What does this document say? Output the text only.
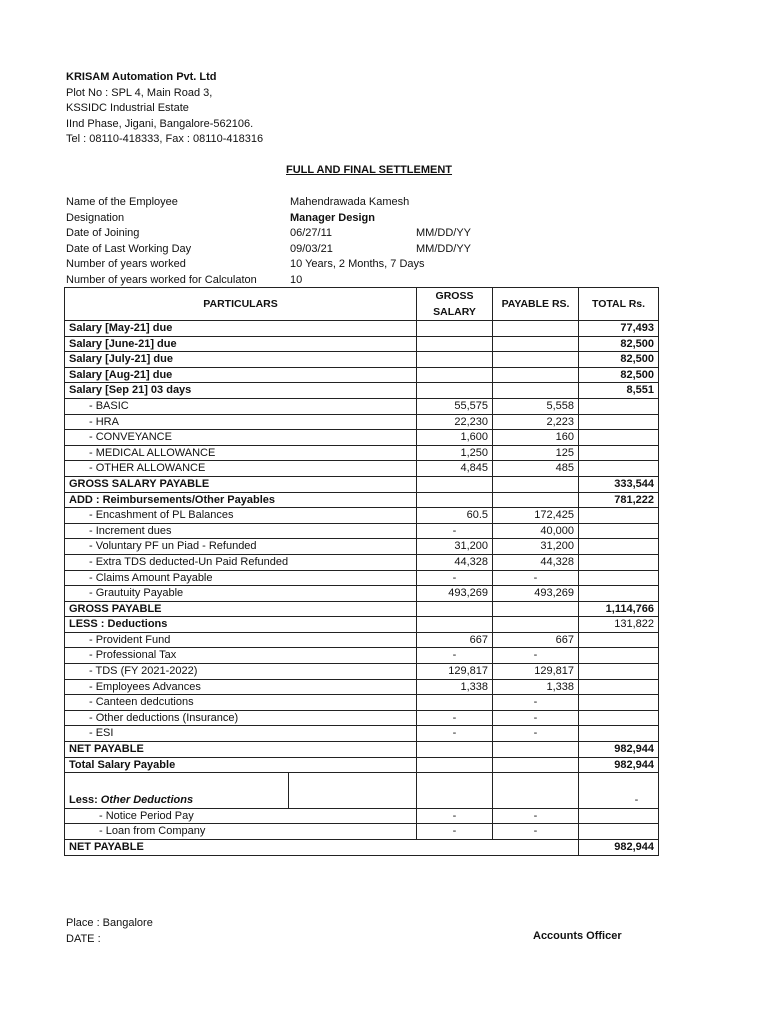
KRISAM Automation Pvt. Ltd
Plot No : SPL 4, Main Road 3,
KSSIDC Industrial Estate
IInd Phase, Jigani, Bangalore-562106.
Tel : 08110-418333, Fax : 08110-418316
FULL AND FINAL SETTLEMENT
Name of the Employee	Mahendrawada Kamesh
Designation	Manager Design
Date of Joining	06/27/11	MM/DD/YY
Date of Last Working Day	09/03/21	MM/DD/YY
Number of years worked	10 Years, 2 Months, 7 Days
Number of years worked for Calculaton	10
PARTICULARS		GROSS SALARY	PAYABLE RS.	TOTAL Rs.
Salary [May-21] due				77,493
Salary [June-21] due				82,500
Salary [July-21] due				82,500
Salary [Aug-21] due				82,500
Salary [Sep 21] 03 days				8,551
- BASIC		55,575	5,558	
- HRA		22,230	2,223	
- CONVEYANCE		1,600	160	
- MEDICAL ALLOWANCE		1,250	125	
- OTHER ALLOWANCE		4,845	485	
GROSS SALARY PAYABLE				333,544
ADD : Reimbursements/Other Payables				781,222
- Encashment of PL Balances		60.5	172,425	
- Increment dues		-	40,000	
- Voluntary PF un Piad - Refunded		31,200	31,200	
- Extra TDS deducted-Un Paid Refunded		44,328	44,328	
- Claims Amount Payable		-	-	
- Grautuity Payable		493,269	493,269	
GROSS PAYABLE				1,114,766
LESS : Deductions				131,822
- Provident Fund		667	667	
- Professional Tax		-	-	
- TDS (FY 2021-2022)		129,817	129,817	
- Employees Advances		1,338	1,338	
- Canteen dedcutions			-	
- Other deductions (Insurance)		-	-	
- ESI		-	-	
NET PAYABLE				982,944
Total Salary Payable				982,944

Less: Other Deductions				-
- Notice Period Pay		-	-	
- Loan from Company		-	-	
NET PAYABLE				982,944
Place : Bangalore
DATE :	Accounts Officer
